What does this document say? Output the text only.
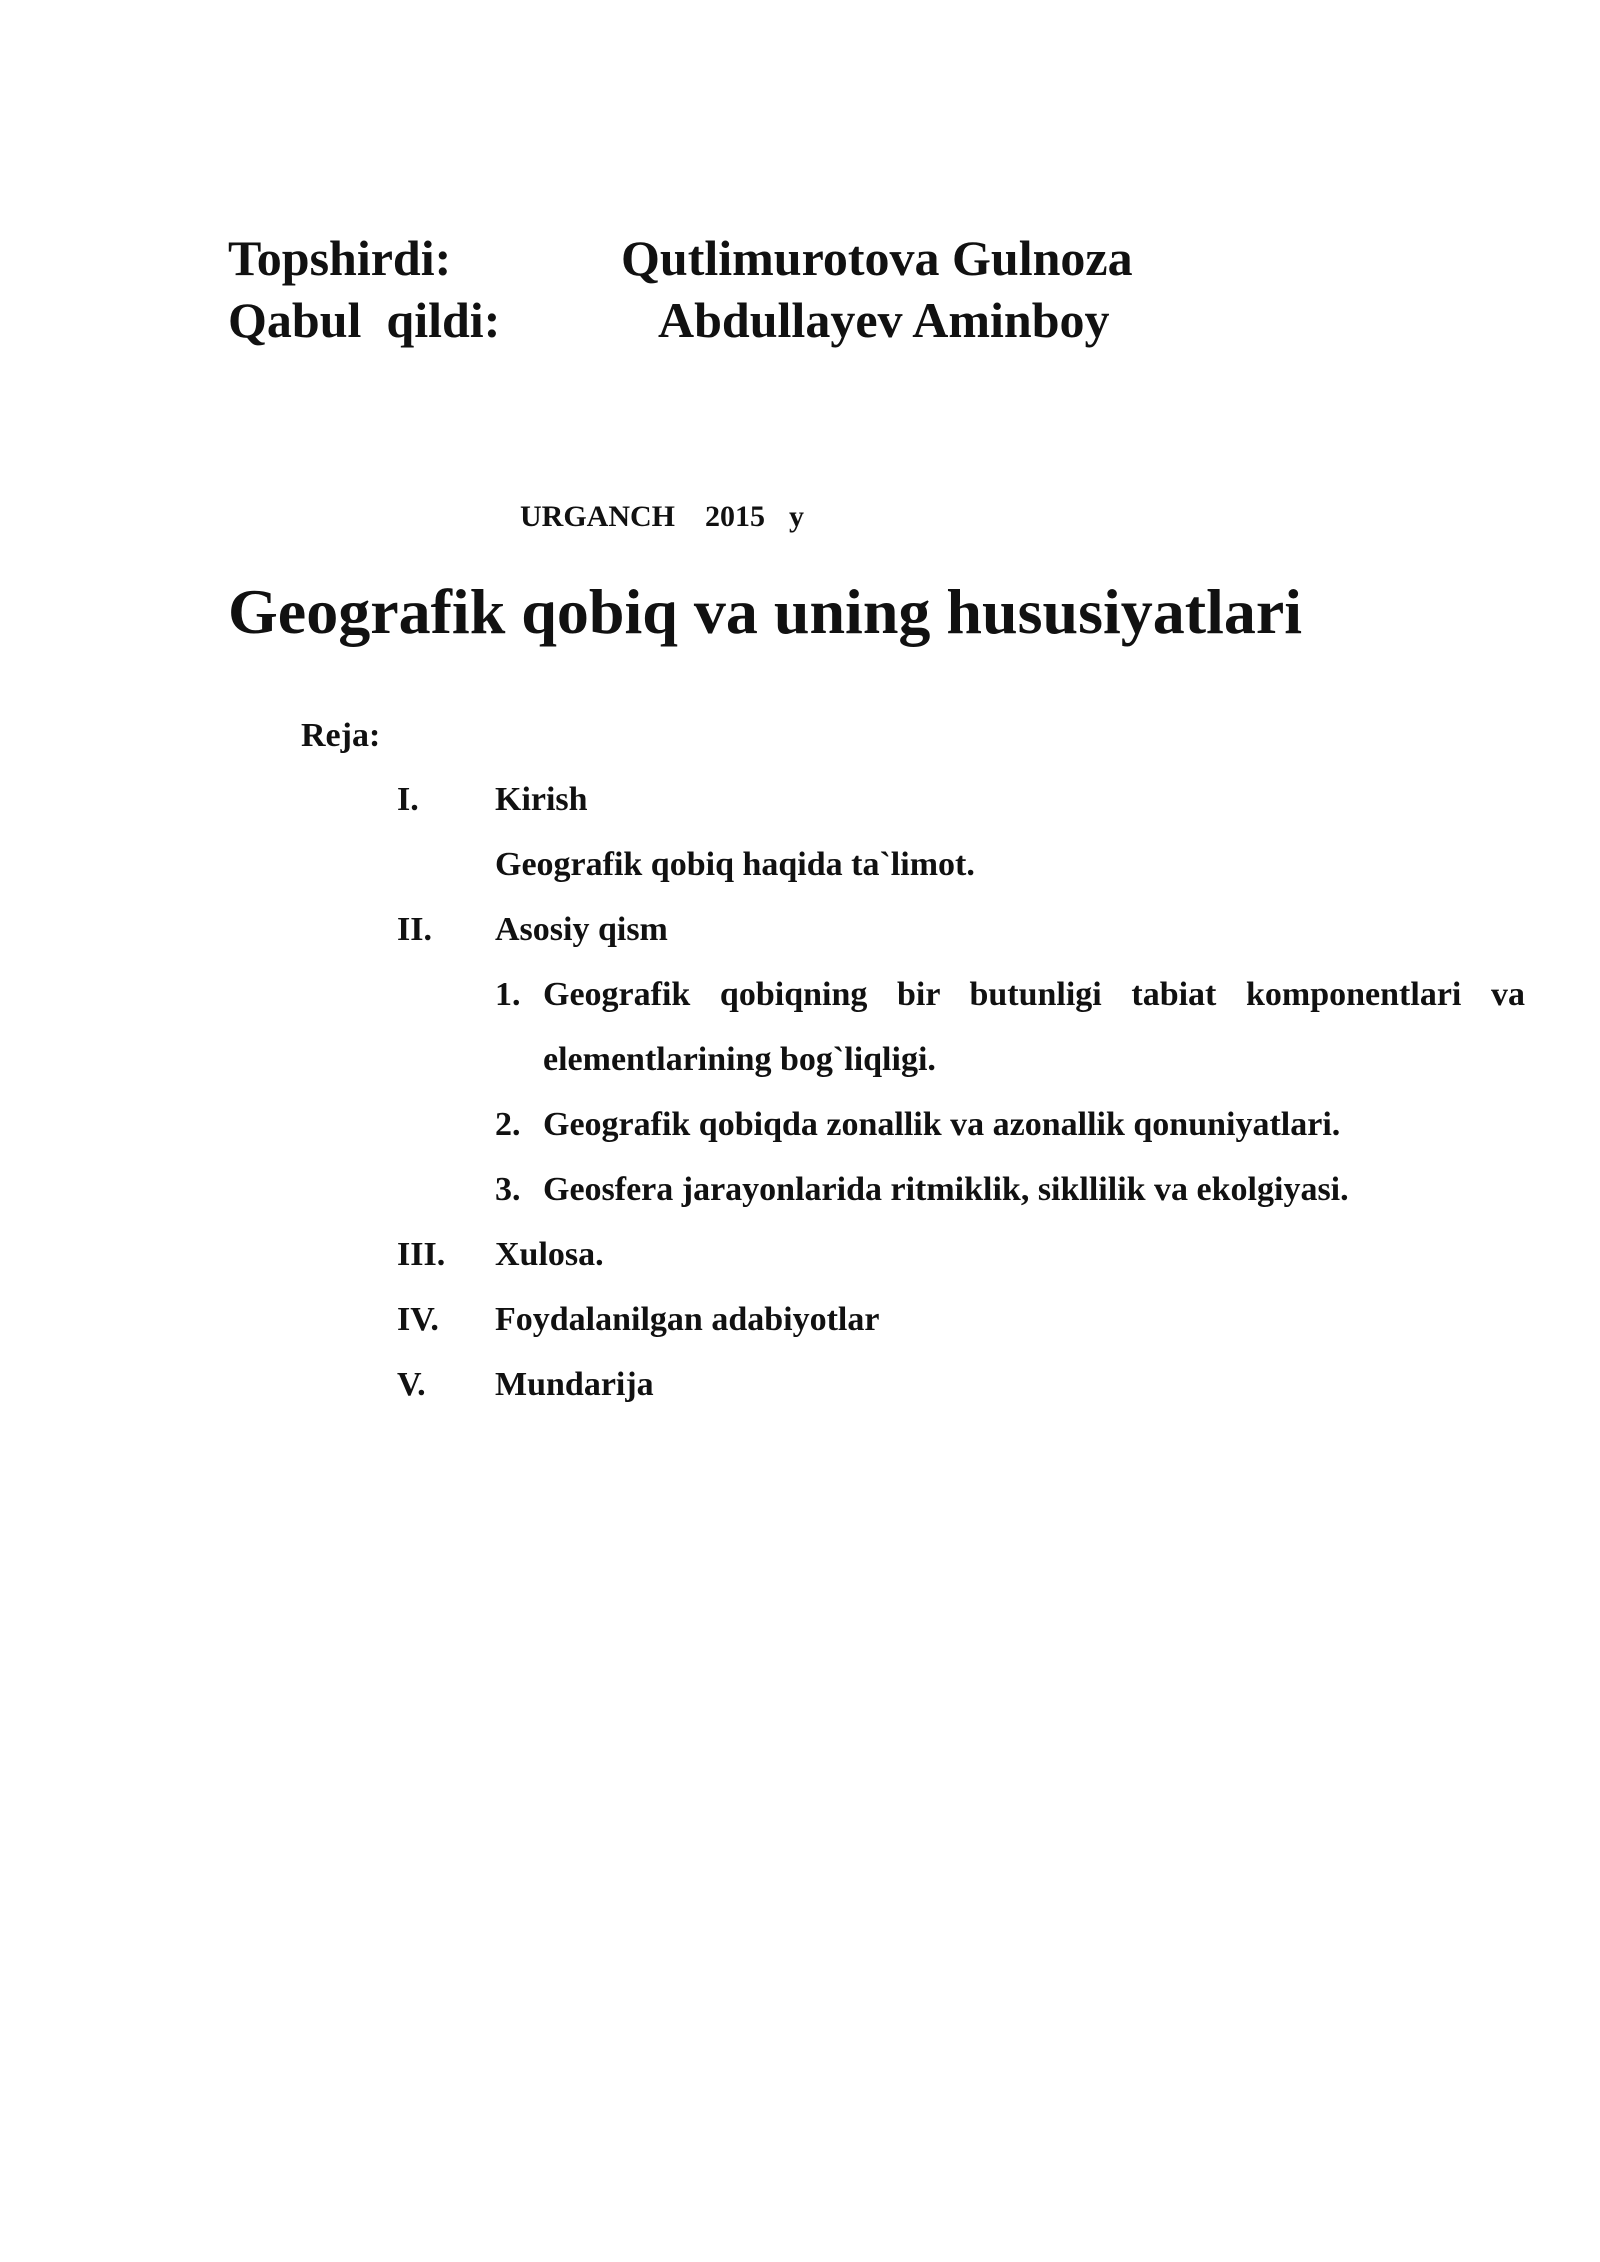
Topshirdi:	Qutlimurotova Gulnoza
Qabul  qildi:	Abdullayev Aminboy
URGANCH 2015 y
Geografik qobiq va uning hususiyatlari
Reja:
I. Kirish
Geografik qobiq haqida ta`limot.
II. Asosiy qism
1. Geografik qobiqning bir butunligi tabiat komponentlari va
elementlarining bog`liqligi.
2. Geografik qobiqda zonallik va azonallik qonuniyatlari.
3. Geosfera jarayonlarida ritmiklik, sikllilik va ekolgiyasi.
III. Xulosa.
IV. Foydalanilgan adabiyotlar
V. Mundarija
